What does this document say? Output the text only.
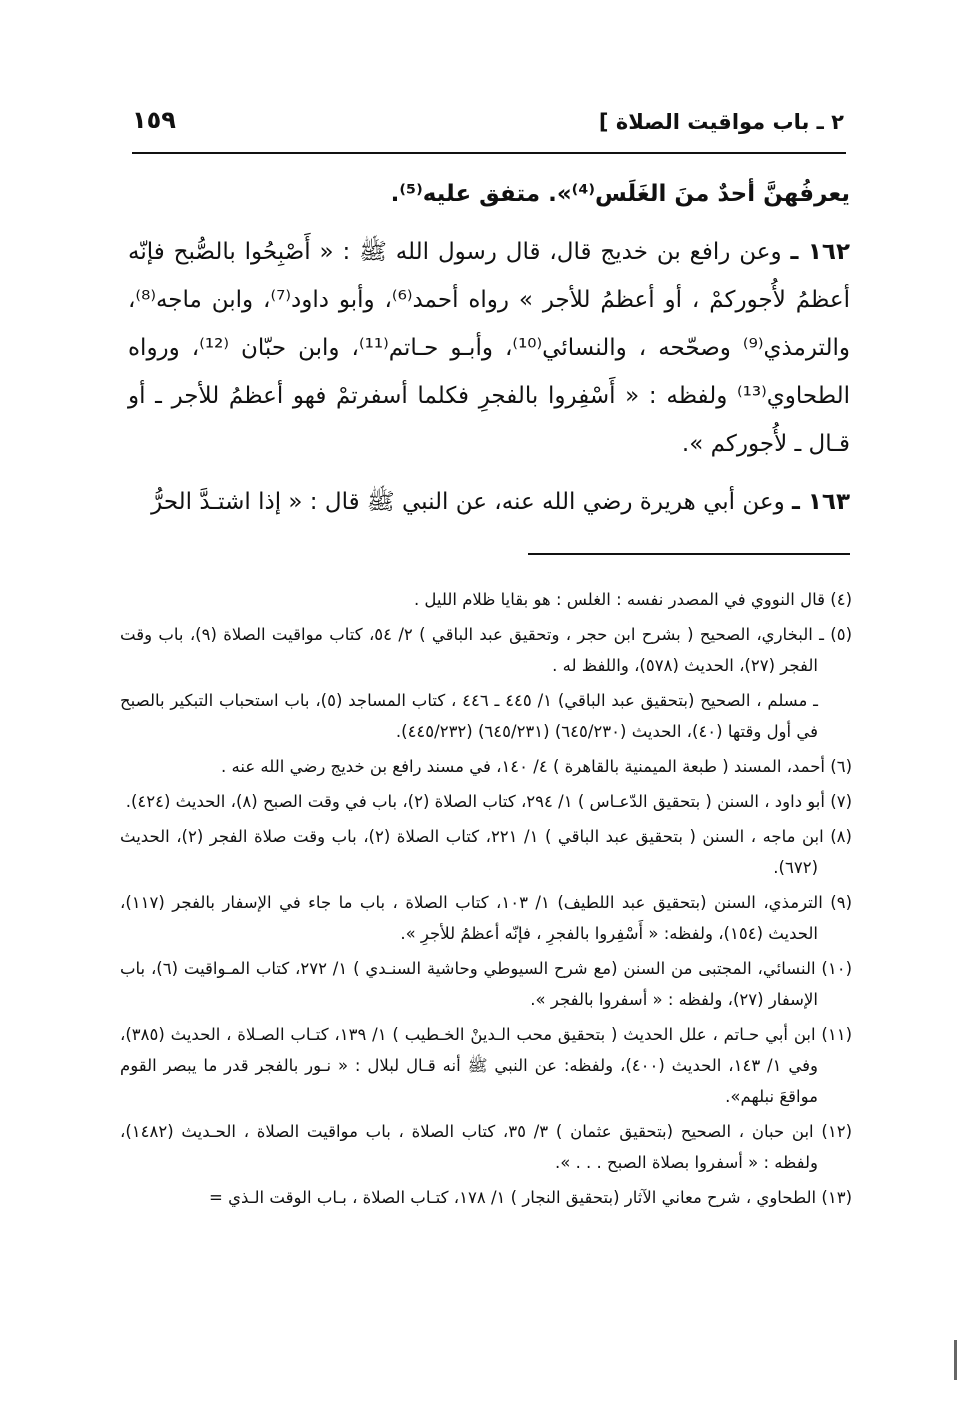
٢ ـ باب مواقيت الصلاة ]
١٥٩

يعرفُهنَّ أحدٌ منَ الغَلَس⁽⁴⁾». متفق عليه⁽⁵⁾.

١٦٢ ـ وعن رافع بن خديج قال، قال رسول الله ﷺ : « أَصْبِحُوا بالصُّبح فإنّه أعظمُ لأُجوركمْ ، أو أعظمُ للأجر » رواه أحمد⁽⁶⁾، وأبو داود⁽⁷⁾، وابن ماجه⁽⁸⁾، والترمذي⁽⁹⁾ وصحّحه ، والنسائي⁽¹⁰⁾، وأبـو حـاتم⁽¹¹⁾، وابن حبّان ⁽¹²⁾، ورواه الطحاوي⁽¹³⁾ ولفظه : « أَسْفِروا بالفجرِ فكلما أسفرتمْ فهو أعظمُ للأجر ـ أو قـال ـ لأُجوركم ».

١٦٣ ـ وعن أبي هريرة رضي الله عنه، عن النبي ﷺ قال : « إذا اشتـدَّ الحرُّ

(٤) قال النووي في المصدر نفسه : الغلس : هو بقايا ظلام الليل .

(٥) ـ البخاري، الصحيح ( بشرح ابن حجر ، وتحقيق عبد الباقي ) ٢/ ٥٤، كتاب مواقيت الصلاة (٩)، باب وقت الفجر (٢٧)، الحديث (٥٧٨)، واللفظ له .

ـ مسلم ، الصحيح (بتحقيق عبد الباقي) ١/ ٤٤٥ ـ ٤٤٦ ، كتاب المساجد (٥)، باب استحباب التبكير بالصبح في أول وقتها (٤٠)، الحديث (٦٤٥/٢٣٠) (٦٤٥/٢٣١) (٤٤٥/٢٣٢).

(٦) أحمد، المسند ( طبعة الميمنية بالقاهرة ) ٤/ ١٤٠، في مسند رافع بن خديج رضي الله عنه .

(٧) أبو داود ، السنن ( بتحقيق الدّعـاس ) ١/ ٢٩٤، كتاب الصلاة (٢)، باب في وقت الصبح (٨)، الحديث (٤٢٤).

(٨) ابن ماجه ، السنن ( بتحقيق عبد الباقي ) ١/ ٢٢١، كتاب الصلاة (٢)، باب وقت صلاة الفجر (٢)، الحديث (٦٧٢).

(٩) الترمذي، السنن (بتحقيق عبد اللطيف) ١/ ١٠٣، كتاب الصلاة ، باب ما جاء في الإسفار بالفجر (١١٧)، الحديث (١٥٤)، ولفظه: « أَسْفِروا بالفجرِ ، فإنّه أعظمُ للأجرِ ».

(١٠) النسائي، المجتبى من السنن (مع شرح السيوطي وحاشية السنـدي ) ١/ ٢٧٢، كتاب المـواقيت (٦)، باب الإسفار (٢٧)، ولفظه : « أسفروا بالفجر ».

(١١) ابن أبي حـاتم ، علل الحديث ( بتحقيق محب الـدينْ الخـطيب ) ١/ ١٣٩، كتـاب الصـلاة ، الحديث (٣٨٥)، وفي ١/ ١٤٣، الحديث (٤٠٠)، ولفظه: عن النبي ﷺ أنه قـال لبلال : « نـور بالفجر قدر ما يبصر القوم مواقعَ نبلهم».

(١٢) ابن حبان ، الصحيح (بتحقيق عثمان ) ٣/ ٣٥، كتاب الصلاة ، باب مواقيت الصلاة ، الحـديث (١٤٨٢)، ولفظه : « أسفروا بصلاة الصبح . . . ».

(١٣) الطحاوي ، شرح معاني الآثار (بتحقيق النجار ) ١/ ١٧٨، كتـاب الصلاة ، بـاب الوقت الـذي =
